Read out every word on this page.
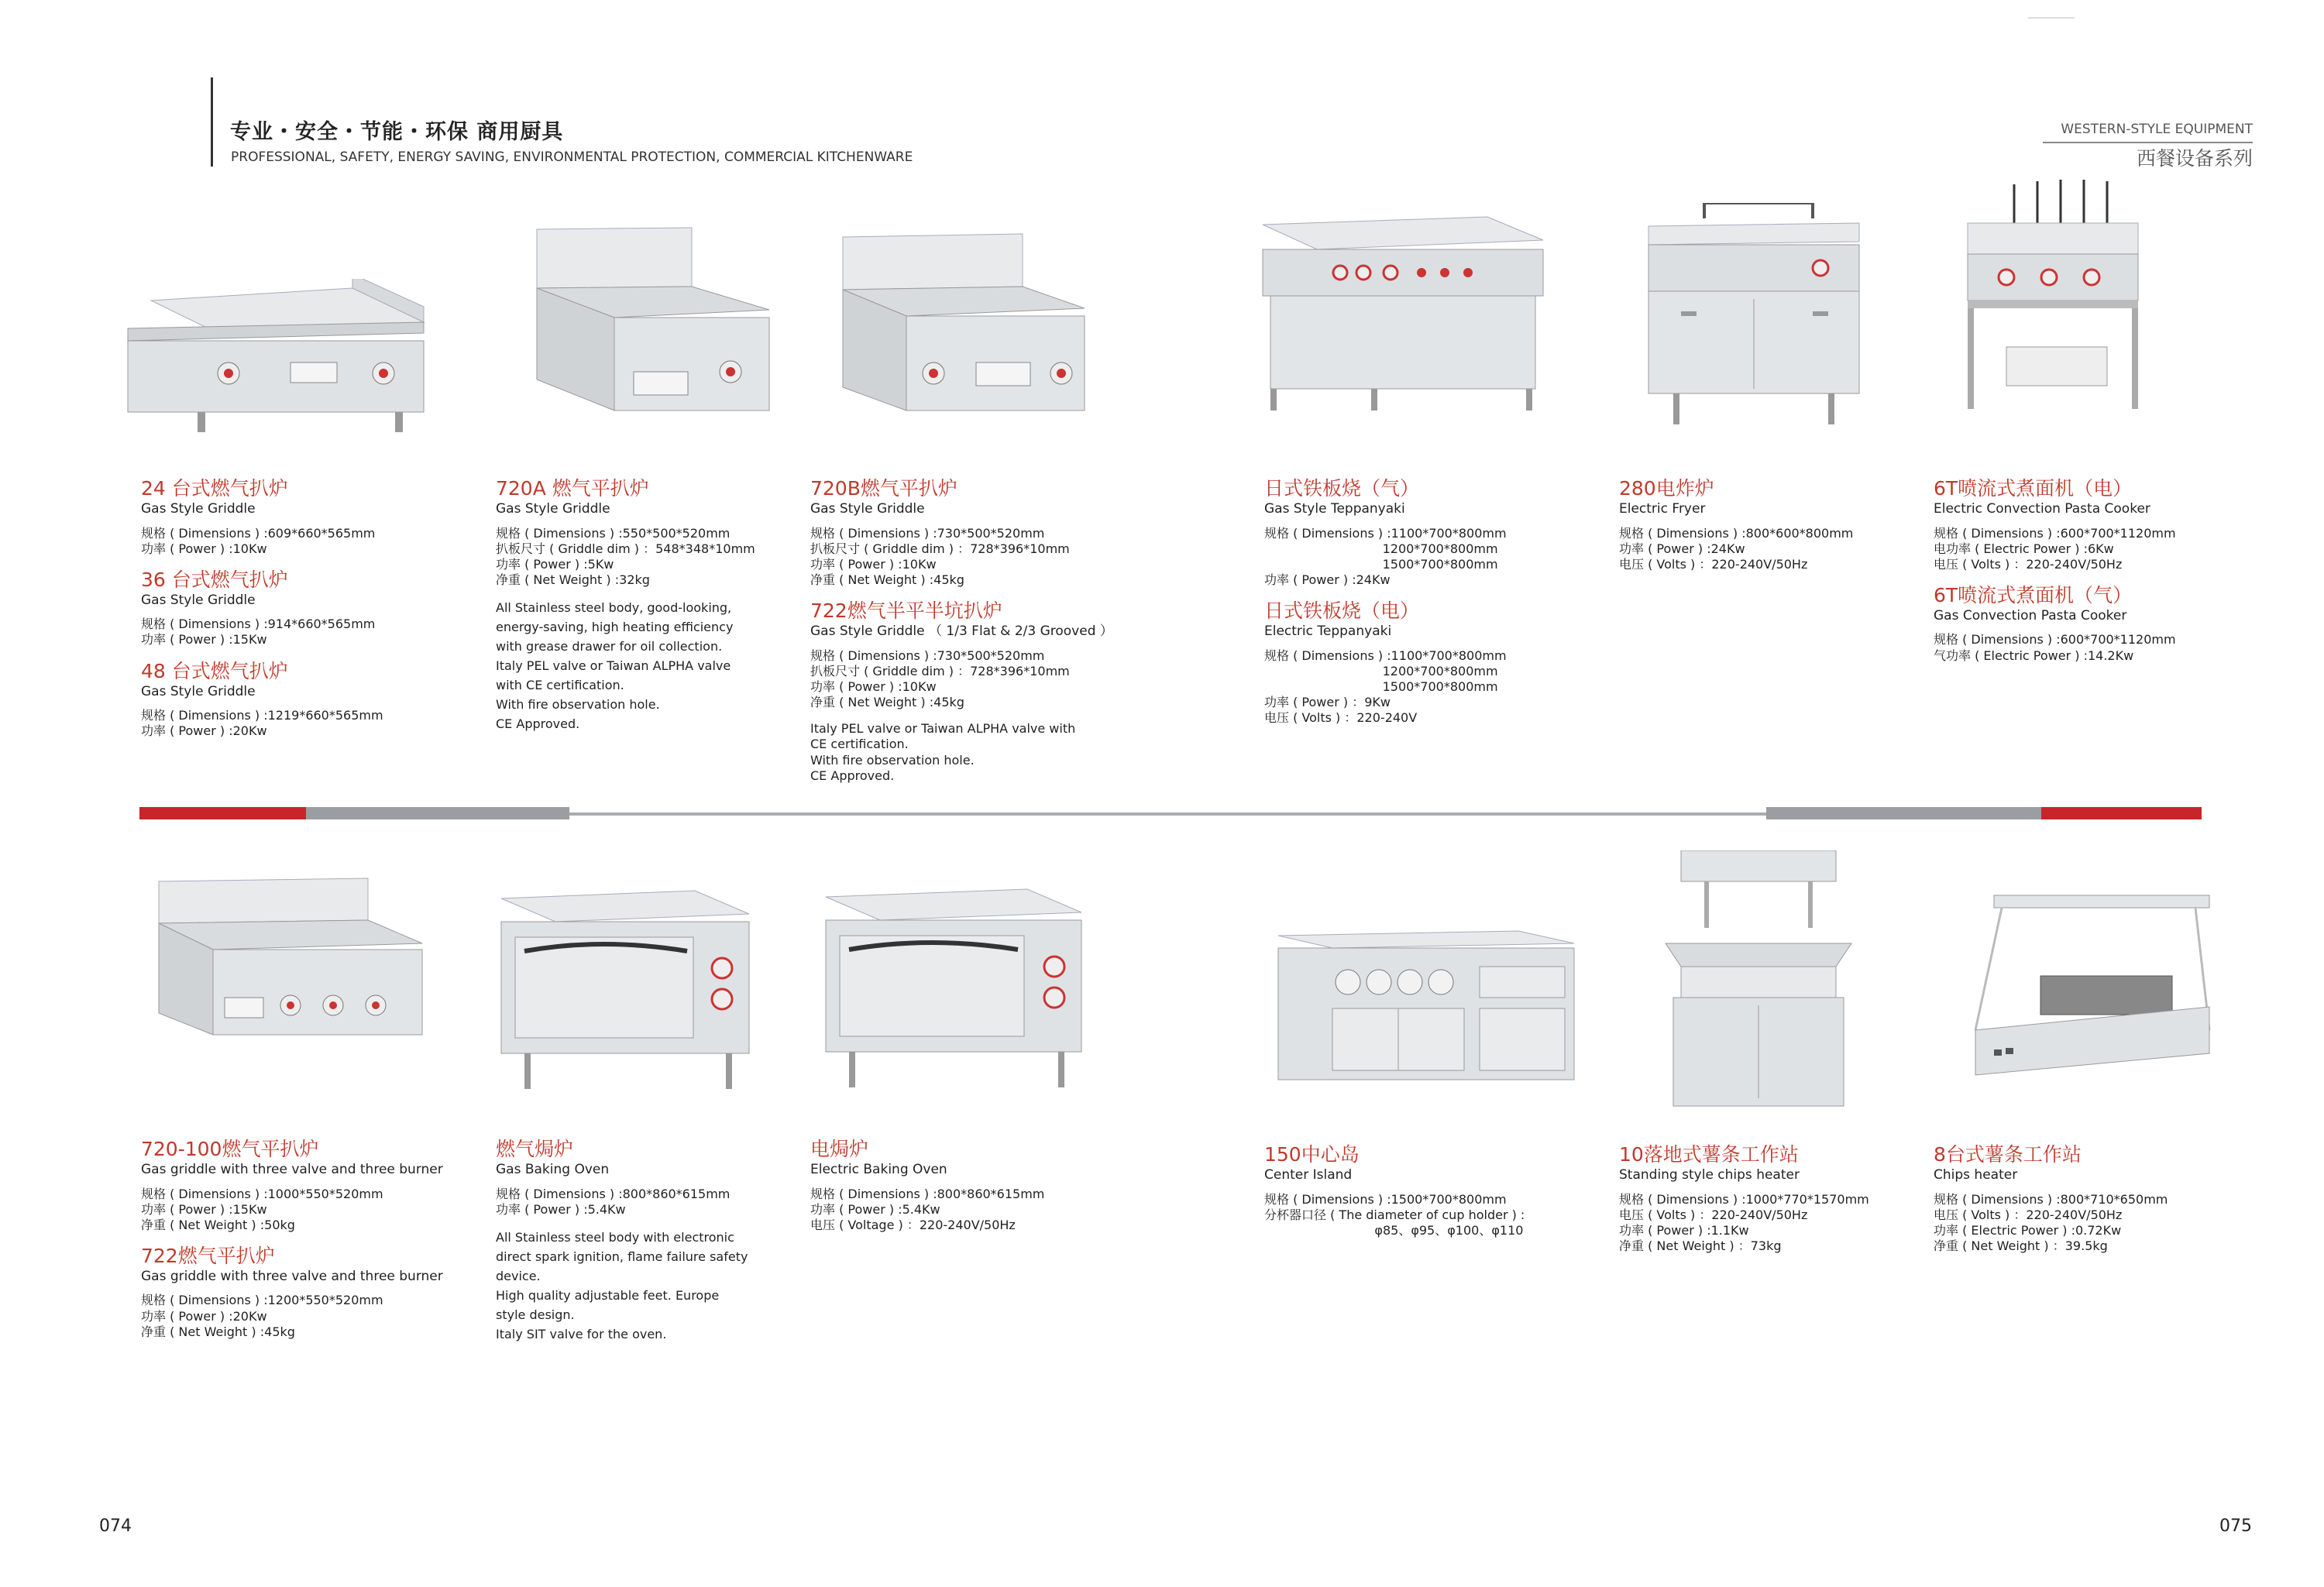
专业・安全・节能・环保 商用厨具
PROFESSIONAL, SAFETY, ENERGY SAVING, ENVIRONMENTAL PROTECTION, COMMERCIAL KITCHENWARE
WESTERN-STYLE EQUIPMENT
西餐设备系列
24 台式燃气扒炉
Gas Style Griddle
规格 ( Dimensions ) :609*660*565mm
功率 ( Power ) :10Kw
36 台式燃气扒炉
Gas Style Griddle
规格 ( Dimensions ) :914*660*565mm
功率 ( Power ) :15Kw
48 台式燃气扒炉
Gas Style Griddle
规格 ( Dimensions ) :1219*660*565mm
功率 ( Power ) :20Kw
720A 燃气平扒炉
Gas Style Griddle
规格 ( Dimensions ) :550*500*520mm
扒板尺寸 ( Griddle dim ) ：548*348*10mm
功率 ( Power ) :5Kw
净重 ( Net Weight ) :32kg
All Stainless steel body, good-looking,
energy-saving, high heating efficiency
with grease drawer for oil collection.
Italy PEL valve or Taiwan ALPHA valve
with CE certification.
With fire observation hole.
CE Approved.
720B燃气平扒炉
Gas Style Griddle
规格 ( Dimensions ) :730*500*520mm
扒板尺寸 ( Griddle dim ) ：728*396*10mm
功率 ( Power ) :10Kw
净重 ( Net Weight ) :45kg
722燃气半平半坑扒炉
Gas Style Griddle （ 1/3 Flat & 2/3 Grooved ）
规格 ( Dimensions ) :730*500*520mm
扒板尺寸 ( Griddle dim ) ：728*396*10mm
功率 ( Power ) :10Kw
净重 ( Net Weight ) :45kg
Italy PEL valve or Taiwan ALPHA valve with
CE certification.
With fire observation hole.
CE Approved.
日式铁板烧（气）
Gas Style Teppanyaki
规格 ( Dimensions ) :1100*700*800mm
1200*700*800mm
1500*700*800mm
功率 ( Power ) :24Kw
日式铁板烧（电）
Electric Teppanyaki
规格 ( Dimensions ) :1100*700*800mm
1200*700*800mm
1500*700*800mm
功率 ( Power ) ：9Kw
电压 ( Volts ) ：220-240V
280电炸炉
Electric Fryer
规格 ( Dimensions ) :800*600*800mm
功率 ( Power ) :24Kw
电压 ( Volts ) ：220-240V/50Hz
6T喷流式煮面机（电）
Electric Convection Pasta Cooker
规格 ( Dimensions ) :600*700*1120mm
电功率 ( Electric Power ) :6Kw
电压 ( Volts ) ：220-240V/50Hz
6T喷流式煮面机（气）
Gas Convection Pasta Cooker
规格 ( Dimensions ) :600*700*1120mm
气功率 ( Electric Power ) :14.2Kw
720-100燃气平扒炉
Gas griddle with three valve and three burner
规格 ( Dimensions ) :1000*550*520mm
功率 ( Power ) :15Kw
净重 ( Net Weight ) :50kg
722燃气平扒炉
Gas griddle with three valve and three burner
规格 ( Dimensions ) :1200*550*520mm
功率 ( Power ) :20Kw
净重 ( Net Weight ) :45kg
燃气焗炉
Gas Baking Oven
规格 ( Dimensions ) :800*860*615mm
功率 ( Power ) :5.4Kw
All Stainless steel body with electronic
direct spark ignition, flame failure safety
device.
High quality adjustable feet. Europe
style design.
Italy SIT valve for the oven.
电焗炉
Electric Baking Oven
规格 ( Dimensions ) :800*860*615mm
功率 ( Power ) :5.4Kw
电压 ( Voltage ) ：220-240V/50Hz
150中心岛
Center Island
规格 ( Dimensions ) :1500*700*800mm
分杯器口径 ( The diameter of cup holder ) :
φ85、φ95、φ100、φ110
10落地式薯条工作站
Standing style chips heater
规格 ( Dimensions ) :1000*770*1570mm
电压 ( Volts ) ：220-240V/50Hz
功率 ( Power ) :1.1Kw
净重 ( Net Weight ) ：73kg
8台式薯条工作站
Chips heater
规格 ( Dimensions ) :800*710*650mm
电压 ( Volts ) ：220-240V/50Hz
功率 ( Electric Power ) :0.72Kw
净重 ( Net Weight ) ：39.5kg
074	075
